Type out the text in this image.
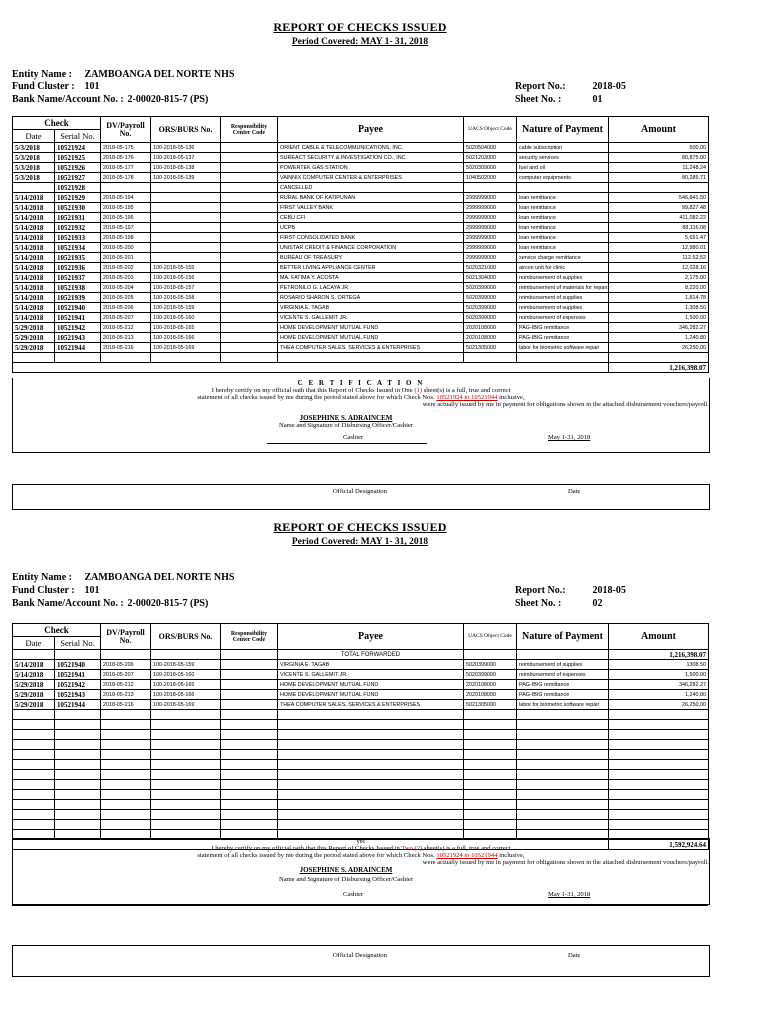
REPORT OF CHECKS ISSUED
Period Covered: MAY 1- 31, 2018
Entity Name : ZAMBOANGA DEL NORTE NHS
Fund Cluster : 101
Bank Name/Account No. : 2-00020-815-7 (PS)
Report No.:	2018-05
Sheet No. :	01
Check		DV/Payroll No.	ORS/BURS No.	Responsibility Center Code	Payee	UACS Object Code	Nature of Payment	Amount
Date	Serial No.							
5/3/2018	10521924	2018-05-175	100-2018-05-136		ORIENT CABLE & TELECOMMUNICATIONS, INC.	5020504000	cable subscription	500.00
5/3/2018	10521925	2018-05-176	100-2018-05-137		SUREACT SECURITY & INVESTIGATION CO., INC.	5021203000	security services	80,875.00
5/3/2018	10521926	2018-05-177	100-2018-05-138		POWERTEK GAS STATION	5020309000	fuel and oil	11,248.24
5/3/2018	10521927	2018-05-178	100-2018-05-139		VAINNIX COMPUTER CENTER & ENTERPRISES	1040502000	computer equipments	80,285.71
	10521928				CANCELLED			
5/14/2018	10521929	2018-05-194			RURAL BANK OF KATIPUNAN	2999999000	loan remittance	546,841.50
5/14/2018	10521930	2018-05-195			FIRST VALLEY BANK	2999999000	loan remittance	99,827.48
5/14/2018	10521931	2018-05-196			CEBU CFI	2999999000	loan remittance	411,082.22
5/14/2018	10521932	2018-05-197			UCPB	2999999000	loan remittance	88,116.08
5/14/2018	10521933	2018-05-198			FIRST CONSOLIDATED BANK	2999999000	loan remittance	5,651.47
5/14/2018	10521934	2018-05-200			UNISTAR CREDIT & FINANCE CORPORATION	2999999000	loan remittance	12,980.01
5/14/2018	10521935	2018-05-201			BUREAU OF TREASURY	2999999000	service charge remittance	112.52.52
5/14/2018	10521936	2018-05-202	100-2018-05-155		BETTER LIVING APPLIANCE CENTER	5020321000	aircon unit for clinic	12,028.16
5/14/2018	10521937	2018-05-203	100-2018-05-156		MA. FATIMA Y. ACOSTA	5021304000	reimbursement of supplies	2,175.00
5/14/2018	10521938	2018-05-204	100-2018-05-157		PETRONILO G. LACAYA JR.	5020399000	reimbursement of materials for repair	8,220.00
5/14/2018	10521939	2018-05-205	100-2018-05-158		ROSARIO SHARON S. ORTEGA	5020399000	reimbursement of supplies	1,814.78
5/14/2018	10521940	2018-05-206	100-2018-05-159		VIRGINIA E. TAGAB	5020399000	reimbursement of supplies	1,308.50
5/14/2018	10521941	2018-05-207	100-2018-05-160		VICENTE S. GALLEMIT JR.	5020399000	reimbursement of expenses	1,500.00
5/29/2018	10521942	2018-05-212	100-2018-05-165		HOME DEVELOPMENT MUTUAL FUND	2020108000	PAG-IBIG remittance	346,282.27
5/29/2018	10521943	2018-05-213	100-2018-05-166		HOME DEVELOPMENT MUTUAL FUND	2020108000	PAG-IBIG remittance	1,240.80
5/29/2018	10521944	2018-05-216	100-2018-05-169		THEA COMPUTER SALES, SERVICES & ENTERPRISES	5021305000	labor for biometric software repair	26,250.00

								1,216,398.07
C E R T I F I C A T I O N
I hereby certify on my official oath that this Report of Checks Issued in One (1) sheet(s) is a full, true and correct
statement of all checks issued by me during the period stated above for which Check Nos. 10521924 to 10521944 inclusive,
were actually issued by me in payment for obligations shown in the attached disbursement vouchers/payroll.
JOSEPHINE S. ADRAINCEM
Name and Signature of Disbursing Officer/Cashier
Cashier	May 1-31, 2018
Official Designation	Date
REPORT OF CHECKS ISSUED
Period Covered: MAY 1- 31, 2018
Entity Name : ZAMBOANGA DEL NORTE NHS
Fund Cluster : 101
Bank Name/Account No. : 2-00020-815-7 (PS)
Report No.:	2018-05
Sheet No. :	02
Check		DV/Payroll No.	ORS/BURS No.	Responsibility Center Code	Payee	UACS Object Code	Nature of Payment	Amount
Date	Serial No.							
					TOTAL FORWARDED			1,216,398.07
5/14/2018	10521940	2018-05-206	100-2018-05-159		VIRGINIA E. TAGAB	5020399000	reimbursement of supplies	1308.50
5/14/2018	10521941	2018-05-207	100-2018-05-160		VICENTE S. GALLEMIT JR.	5020399000	reimbursement of expenses	1,500.00
5/29/2018	10521942	2018-05-212	100-2018-05-165		HOME DEVELOPMENT MUTUAL FUND	2020108000	PAG-IBIG remittance	346,282.27
5/29/2018	10521943	2018-05-213	100-2018-05-166		HOME DEVELOPMENT MUTUAL FUND	2020108000	PAG-IBIG remittance	1,240.80
5/29/2018	10521944	2018-05-216	100-2018-05-169		THEA COMPUTER SALES, SERVICES & ENTERPRISES	5021305000	labor for biometric software repair	26,250.00

								1,592,924.64
ybc
I hereby certify on my official oath that this Report of Checks Issued in Two (2) sheet(s) is a full, true and correct
statement of all checks issued by me during the period stated above for which Check Nos. 10521924 to 10521944 inclusive,
were actually issued by me in payment for obligations shown in the attached disbursement vouchers/payroll.
JOSEPHINE S. ADRAINCEM
Name and Signature of Disbursing Officer/Cashier
Cashier	May 1-31, 2018
Official Designation	Date
